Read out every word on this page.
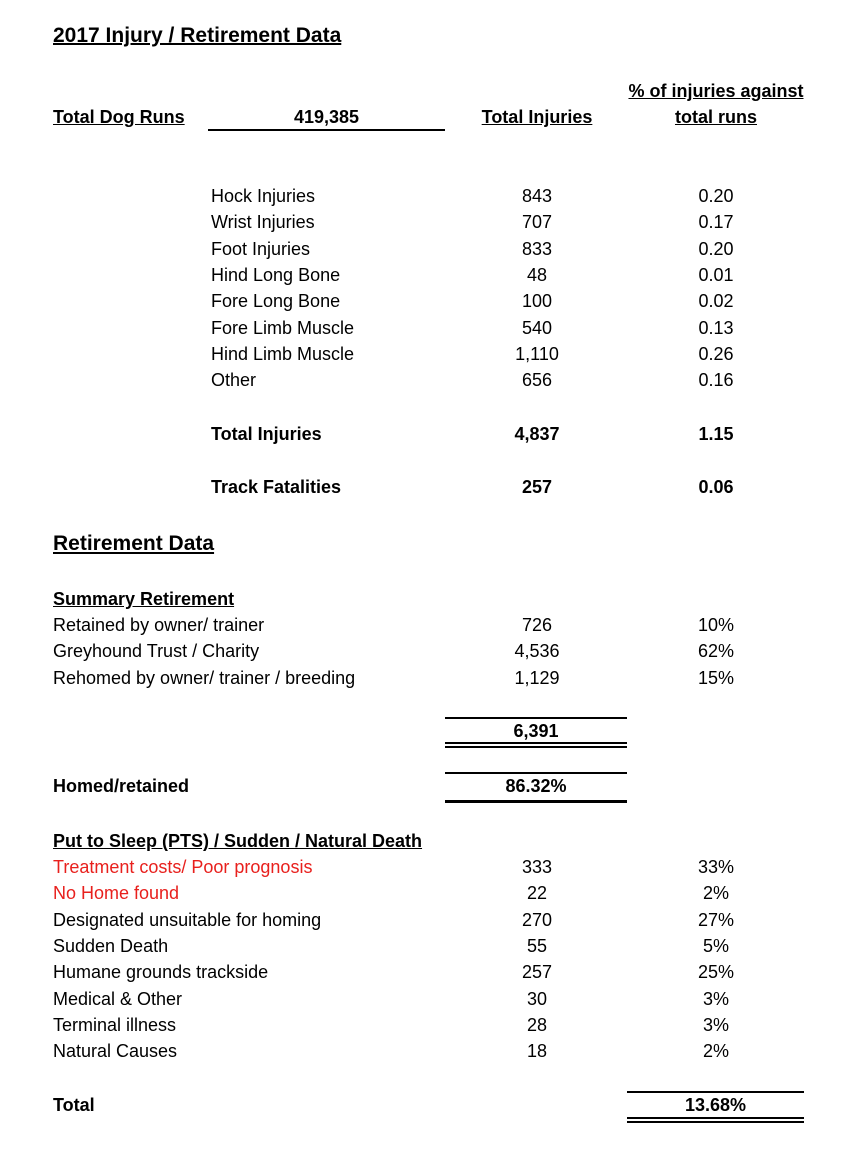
2017 Injury / Retirement Data
Total Dog Runs	419,385	Total Injuries
% of injuries against
total runs
Hock Injuries	843	0.20
Wrist Injuries	707	0.17
Foot Injuries	833	0.20
Hind Long Bone	48	0.01
Fore Long Bone	100	0.02
Fore Limb Muscle	540	0.13
Hind Limb Muscle	1,110	0.26
Other	656	0.16
Total Injuries	4,837	1.15
Track Fatalities	257	0.06
Retirement Data
Summary Retirement
Retained by owner/ trainer	726	10%
Greyhound Trust / Charity	4,536	62%
Rehomed by owner/ trainer / breeding	1,129	15%
6,391
Homed/retained	86.32%
Put to Sleep (PTS) / Sudden / Natural Death
Treatment costs/ Poor prognosis	333	33%
No Home found	22	2%
Designated unsuitable for homing	270	27%
Sudden Death	55	5%
Humane grounds trackside	257	25%
Medical & Other	30	3%
Terminal illness	28	3%
Natural Causes	18	2%
Total	13.68%
